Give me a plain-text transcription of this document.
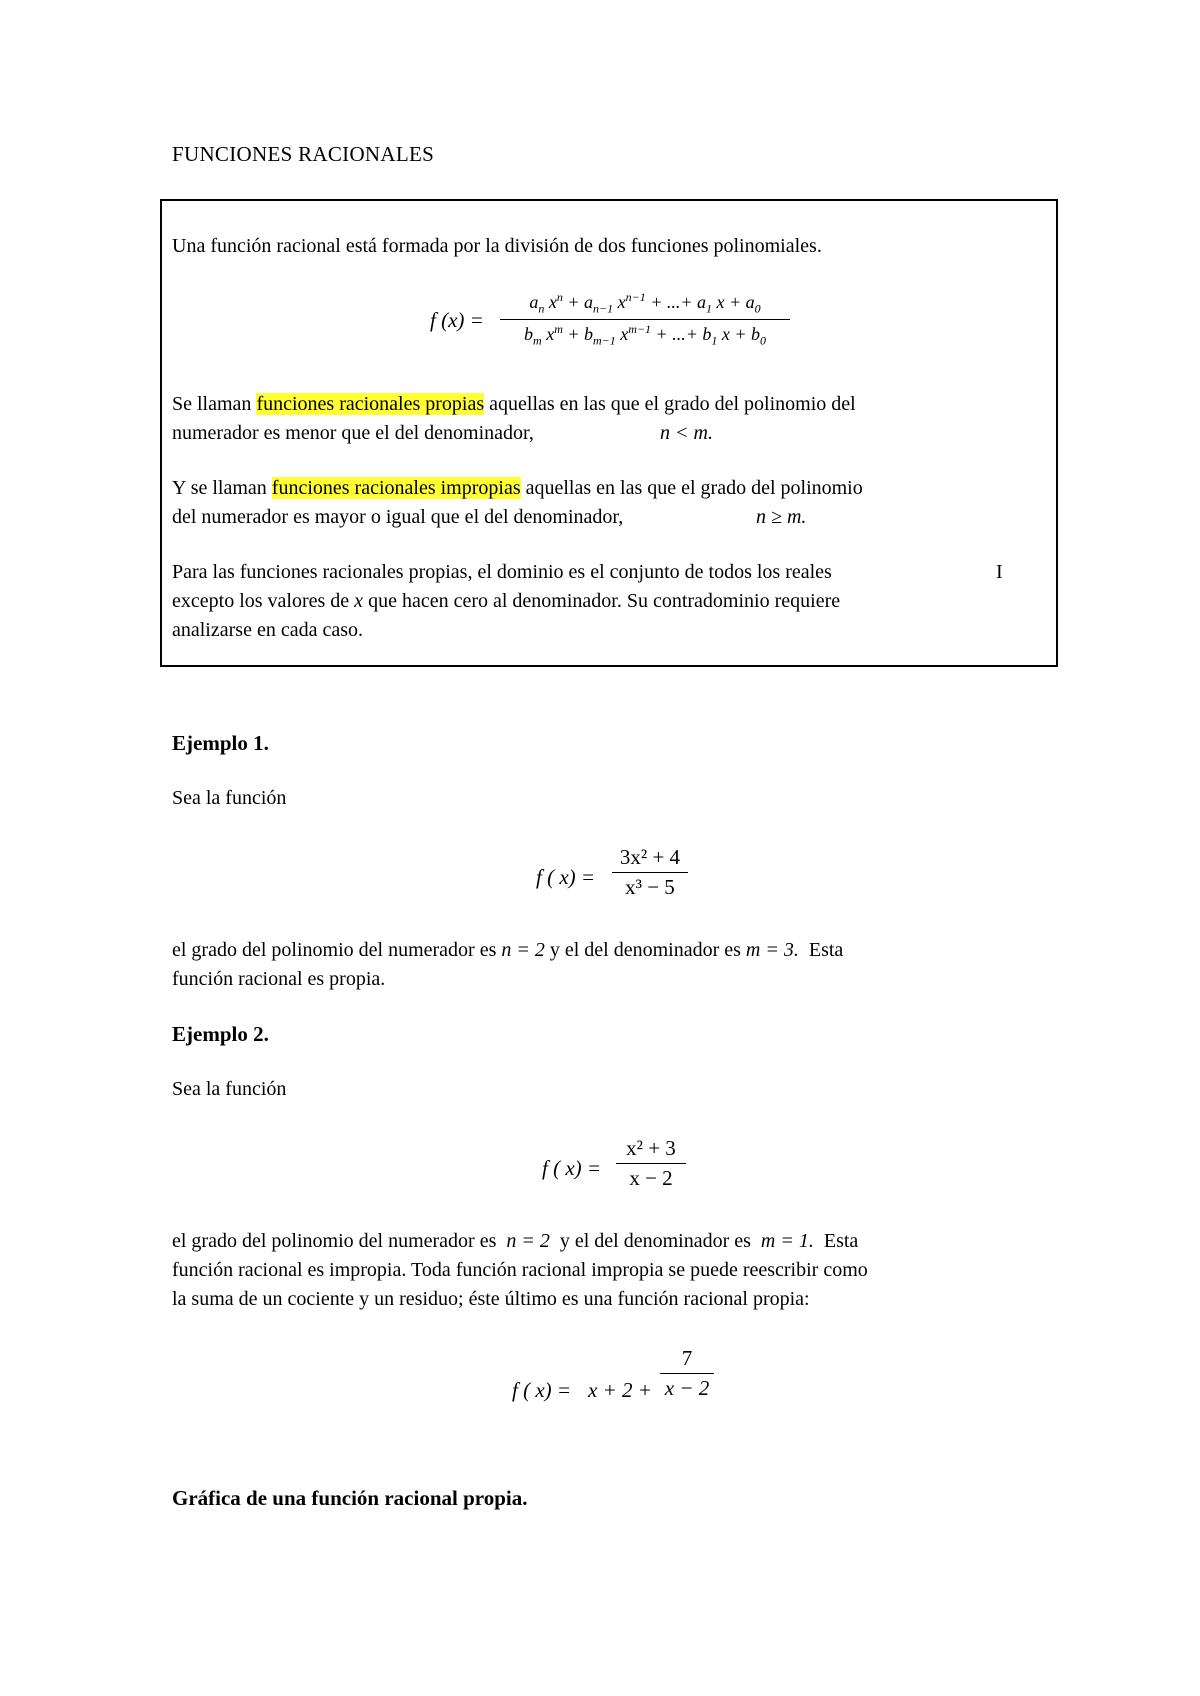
FUNCIONES RACIONALES
Una función racional está formada por la división de dos funciones polinomiales.
f (x) =
$a_n$ $x^n + a_{n-1}$ $x^{n-1}$ + ...+ $a_1$ $x + a_0$
$b_m$ $x^m + b_{m-1}$ $x^{m-1}$ + ...+ $b_1$ $x + b_0$
Se llaman funciones racionales propias aquellas en las que el grado del polinomio del
numerador es menor que el del denominador,	n < m.
Y se llaman funciones racionales impropias aquellas en las que el grado del polinomio
del numerador es mayor o igual que el del denominador,	n ≥ m.
Para las funciones racionales propias, el dominio es el conjunto de todos los reales	I
excepto los valores de x que hacen cero al denominador. Su contradominio requiere
analizarse en cada caso.
Ejemplo 1.
Sea la función
f ( x) =
3x² + 4
x³ − 5
el grado del polinomio del numerador es n = 2 y el del denominador es m = 3. Esta
función racional es propia.
Ejemplo 2.
Sea la función
f ( x) =
x² + 3
x − 2
el grado del polinomio del numerador es n = 2 y el del denominador es m = 1. Esta
función racional es impropia. Toda función racional impropia se puede reescribir como
la suma de un cociente y un residuo; éste último es una función racional propia:
f ( x) = x + 2 +
7
x − 2
Gráfica de una función racional propia.
